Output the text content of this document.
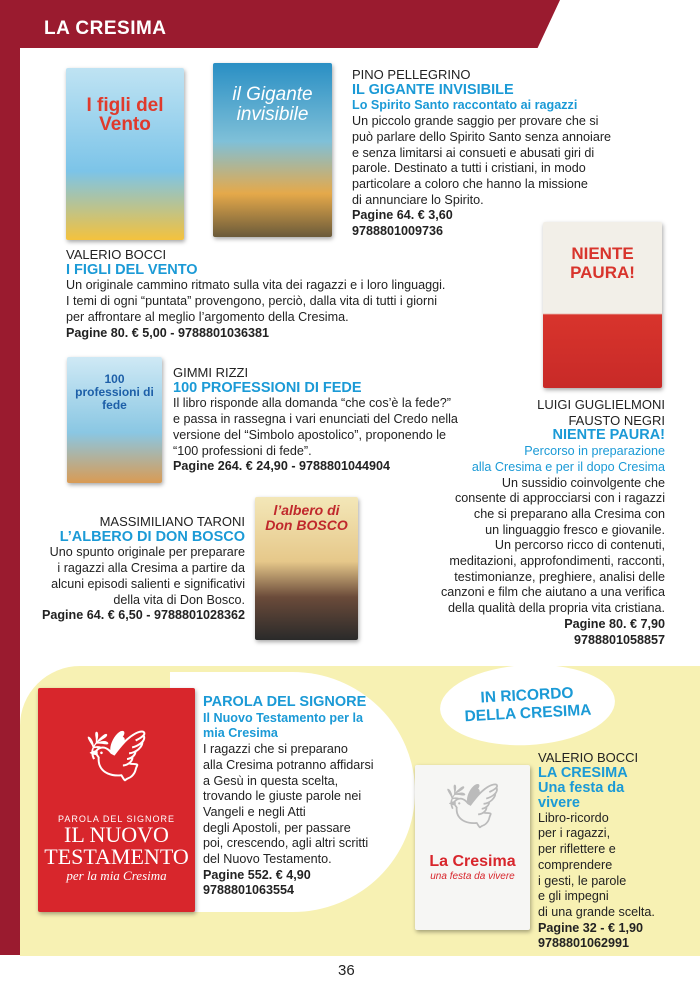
LA CRESIMA
I figli del Vento
il Gigante invisibile
PINO PELLEGRINO
IL GIGANTE INVISIBILE
Lo Spirito Santo raccontato ai ragazzi
Un piccolo grande saggio per provare che si
può parlare dello Spirito Santo senza annoiare
e senza limitarsi ai consueti e abusati giri di
parole. Destinato a tutti i cristiani, in modo
particolare a coloro che hanno la missione
di annunciare lo Spirito.
Pagine 64. € 3,60
9788801009736
VALERIO BOCCI
I FIGLI DEL VENTO
Un originale cammino ritmato sulla vita dei ragazzi e i loro linguaggi.
I temi di ogni “puntata” provengono, perciò, dalla vita di tutti i giorni
per affrontare al meglio l’argomento della Cresima.
Pagine 80. € 5,00 - 9788801036381
NIENTE PAURA!
100 professioni di fede
GIMMI RIZZI
100 PROFESSIONI DI FEDE
Il libro risponde alla domanda “che cos’è la fede?”
e passa in rassegna i vari enunciati del Credo nella
versione del “Simbolo apostolico”, proponendo le
“100 professioni di fede”.
Pagine 264. € 24,90 - 9788801044904
LUIGI GUGLIELMONI
FAUSTO NEGRI
NIENTE PAURA!
Percorso in preparazione
alla Cresima e per il dopo Cresima
Un sussidio coinvolgente che
consente di approcciarsi con i ragazzi
che si preparano alla Cresima con
un linguaggio fresco e giovanile.
Un percorso ricco di contenuti,
meditazioni, approfondimenti, racconti,
testimonianze, preghiere, analisi delle
canzoni e film che aiutano a una verifica
della qualità della propria vita cristiana.
Pagine 80. € 7,90
9788801058857
MASSIMILIANO TARONI
L’ALBERO DI DON BOSCO
Uno spunto originale per preparare
i ragazzi alla Cresima a partire da
alcuni episodi salienti e significativi
della vita di Don Bosco.
Pagine 64. € 6,50 - 9788801028362
l’albero di Don BOSCO
IN RICORDO
DELLA CRESIMA
🕊
PAROLA DEL SIGNORE
IL NUOVO
TESTAMENTO
per la mia Cresima
PAROLA DEL SIGNORE
Il Nuovo Testamento per la
mia Cresima
I ragazzi che si preparano
alla Cresima potranno affidarsi
a Gesù in questa scelta,
trovando le giuste parole nei
Vangeli e negli Atti
degli Apostoli, per passare
poi, crescendo, agli altri scritti
del Nuovo Testamento.
Pagine 552. € 4,90
9788801063554
🕊
La Cresima
una festa da vivere
VALERIO BOCCI
LA CRESIMA
Una festa da
vivere
Libro-ricordo
per i ragazzi,
per riflettere e
comprendere
i gesti, le parole
e gli impegni
di una grande scelta.
Pagine 32 - € 1,90
9788801062991
36
